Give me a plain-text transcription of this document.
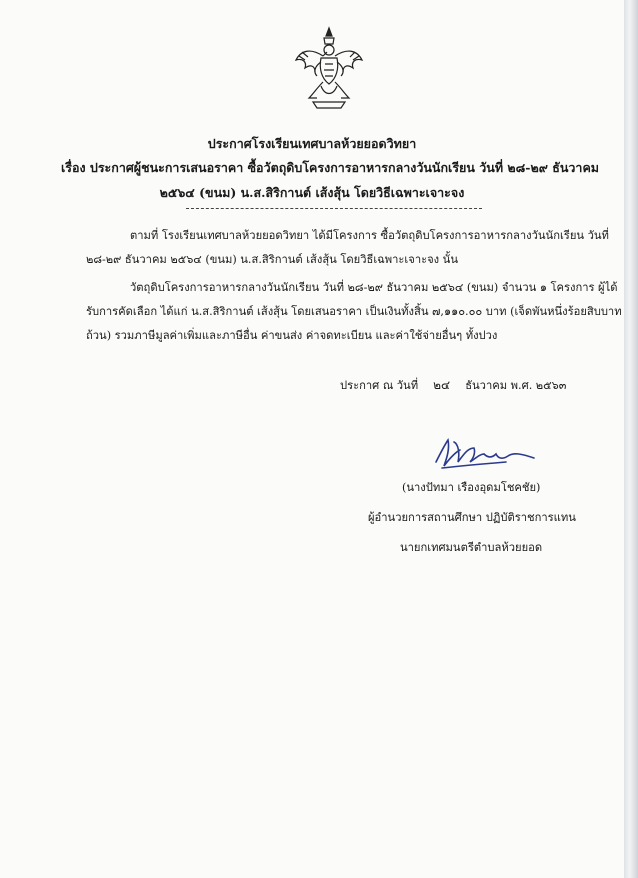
ประกาศโรงเรียนเทศบาลห้วยยอดวิทยา
เรื่อง ประกาศผู้ชนะการเสนอราคา ซื้อวัตถุดิบโครงการอาหารกลางวันนักเรียน วันที่ ๒๘-๒๙ ธันวาคม
๒๕๖๔ (ขนม) น.ส.สิริกานต์ เส้งสุ้น โดยวิธีเฉพาะเจาะจง
ตามที่ โรงเรียนเทศบาลห้วยยอดวิทยา ได้มีโครงการ ซื้อวัตถุดิบโครงการอาหารกลางวันนักเรียน วันที่
๒๘-๒๙ ธันวาคม ๒๕๖๔ (ขนม) น.ส.สิริกานต์ เส้งสุ้น โดยวิธีเฉพาะเจาะจง นั้น
วัตถุดิบโครงการอาหารกลางวันนักเรียน วันที่ ๒๘-๒๙ ธันวาคม ๒๕๖๔ (ขนม) จำนวน ๑ โครงการ ผู้ได้
รับการคัดเลือก ได้แก่ น.ส.สิริกานต์ เส้งสุ้น โดยเสนอราคา เป็นเงินทั้งสิ้น ๗,๑๑๐.๐๐ บาท (เจ็ดพันหนึ่งร้อยสิบบาท
ถ้วน) รวมภาษีมูลค่าเพิ่มและภาษีอื่น ค่าขนส่ง ค่าจดทะเบียน และค่าใช้จ่ายอื่นๆ ทั้งปวง
ประกาศ ณ วันที่ ๒๔ ธันวาคม พ.ศ. ๒๕๖๓
(นางปัทมา เรืองอุดมโชคชัย)
ผู้อำนวยการสถานศึกษา ปฏิบัติราชการแทน
นายกเทศมนตรีตำบลห้วยยอด
